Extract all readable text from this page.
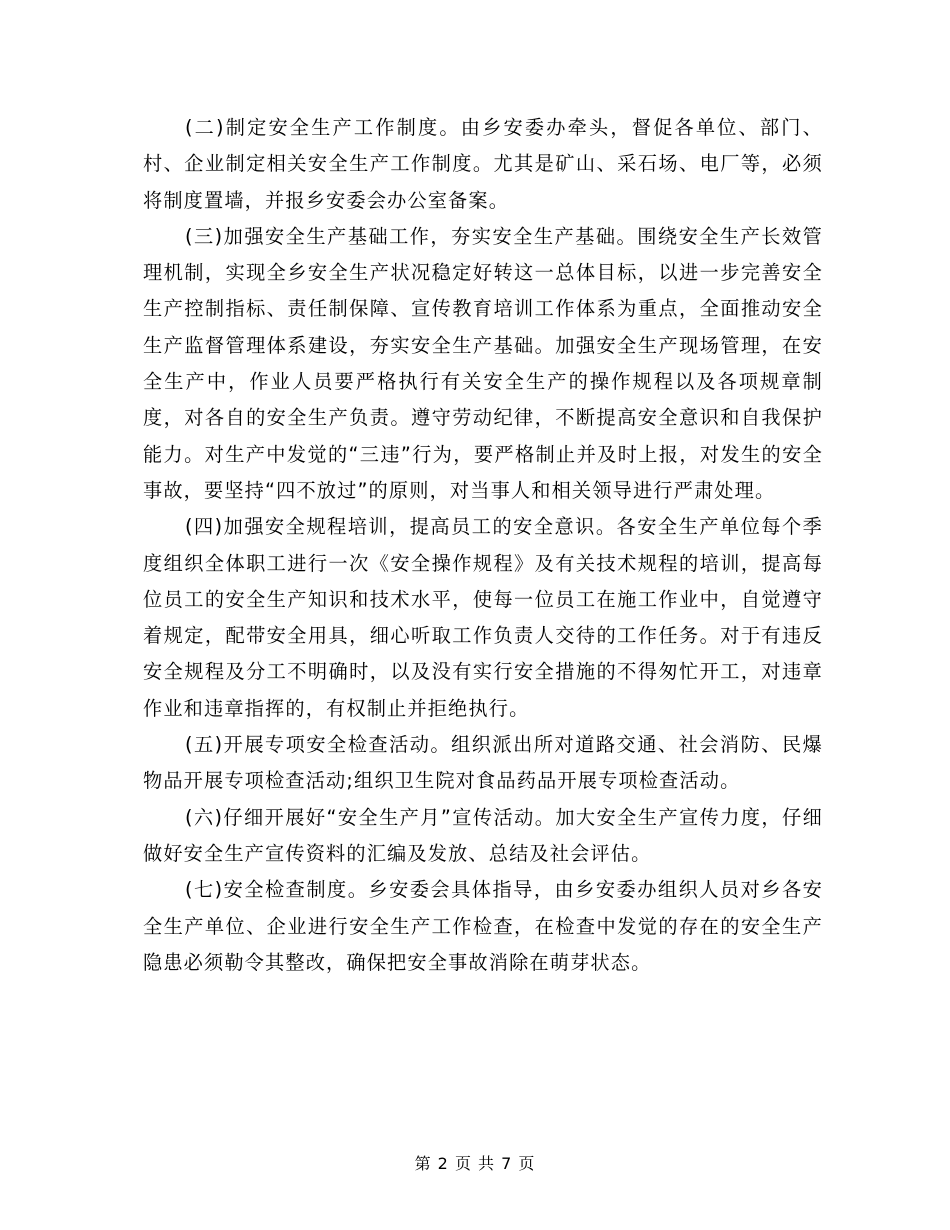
(二)制定安全生产工作制度。由乡安委办牵头，督促各单位、部门、村、企业制定相关安全生产工作制度。尤其是矿山、采石场、电厂等，必须将制度置墙，并报乡安委会办公室备案。

(三)加强安全生产基础工作，夯实安全生产基础。围绕安全生产长效管理机制，实现全乡安全生产状况稳定好转这一总体目标，以进一步完善安全生产控制指标、责任制保障、宣传教育培训工作体系为重点，全面推动安全生产监督管理体系建设，夯实安全生产基础。加强安全生产现场管理，在安全生产中，作业人员要严格执行有关安全生产的操作规程以及各项规章制度，对各自的安全生产负责。遵守劳动纪律，不断提高安全意识和自我保护能力。对生产中发觉的“三违”行为，要严格制止并及时上报，对发生的安全事故，要坚持“四不放过”的原则，对当事人和相关领导进行严肃处理。

(四)加强安全规程培训，提高员工的安全意识。各安全生产单位每个季度组织全体职工进行一次《安全操作规程》及有关技术规程的培训，提高每位员工的安全生产知识和技术水平，使每一位员工在施工作业中，自觉遵守着规定，配带安全用具，细心听取工作负责人交待的工作任务。对于有违反安全规程及分工不明确时，以及没有实行安全措施的不得匆忙开工，对违章作业和违章指挥的，有权制止并拒绝执行。

(五)开展专项安全检查活动。组织派出所对道路交通、社会消防、民爆物品开展专项检查活动;组织卫生院对食品药品开展专项检查活动。

(六)仔细开展好“安全生产月”宣传活动。加大安全生产宣传力度，仔细做好安全生产宣传资料的汇编及发放、总结及社会评估。

(七)安全检查制度。乡安委会具体指导，由乡安委办组织人员对乡各安全生产单位、企业进行安全生产工作检查，在检查中发觉的存在的安全生产隐患必须勒令其整改，确保把安全事故消除在萌芽状态。

第 2 页 共 7 页
